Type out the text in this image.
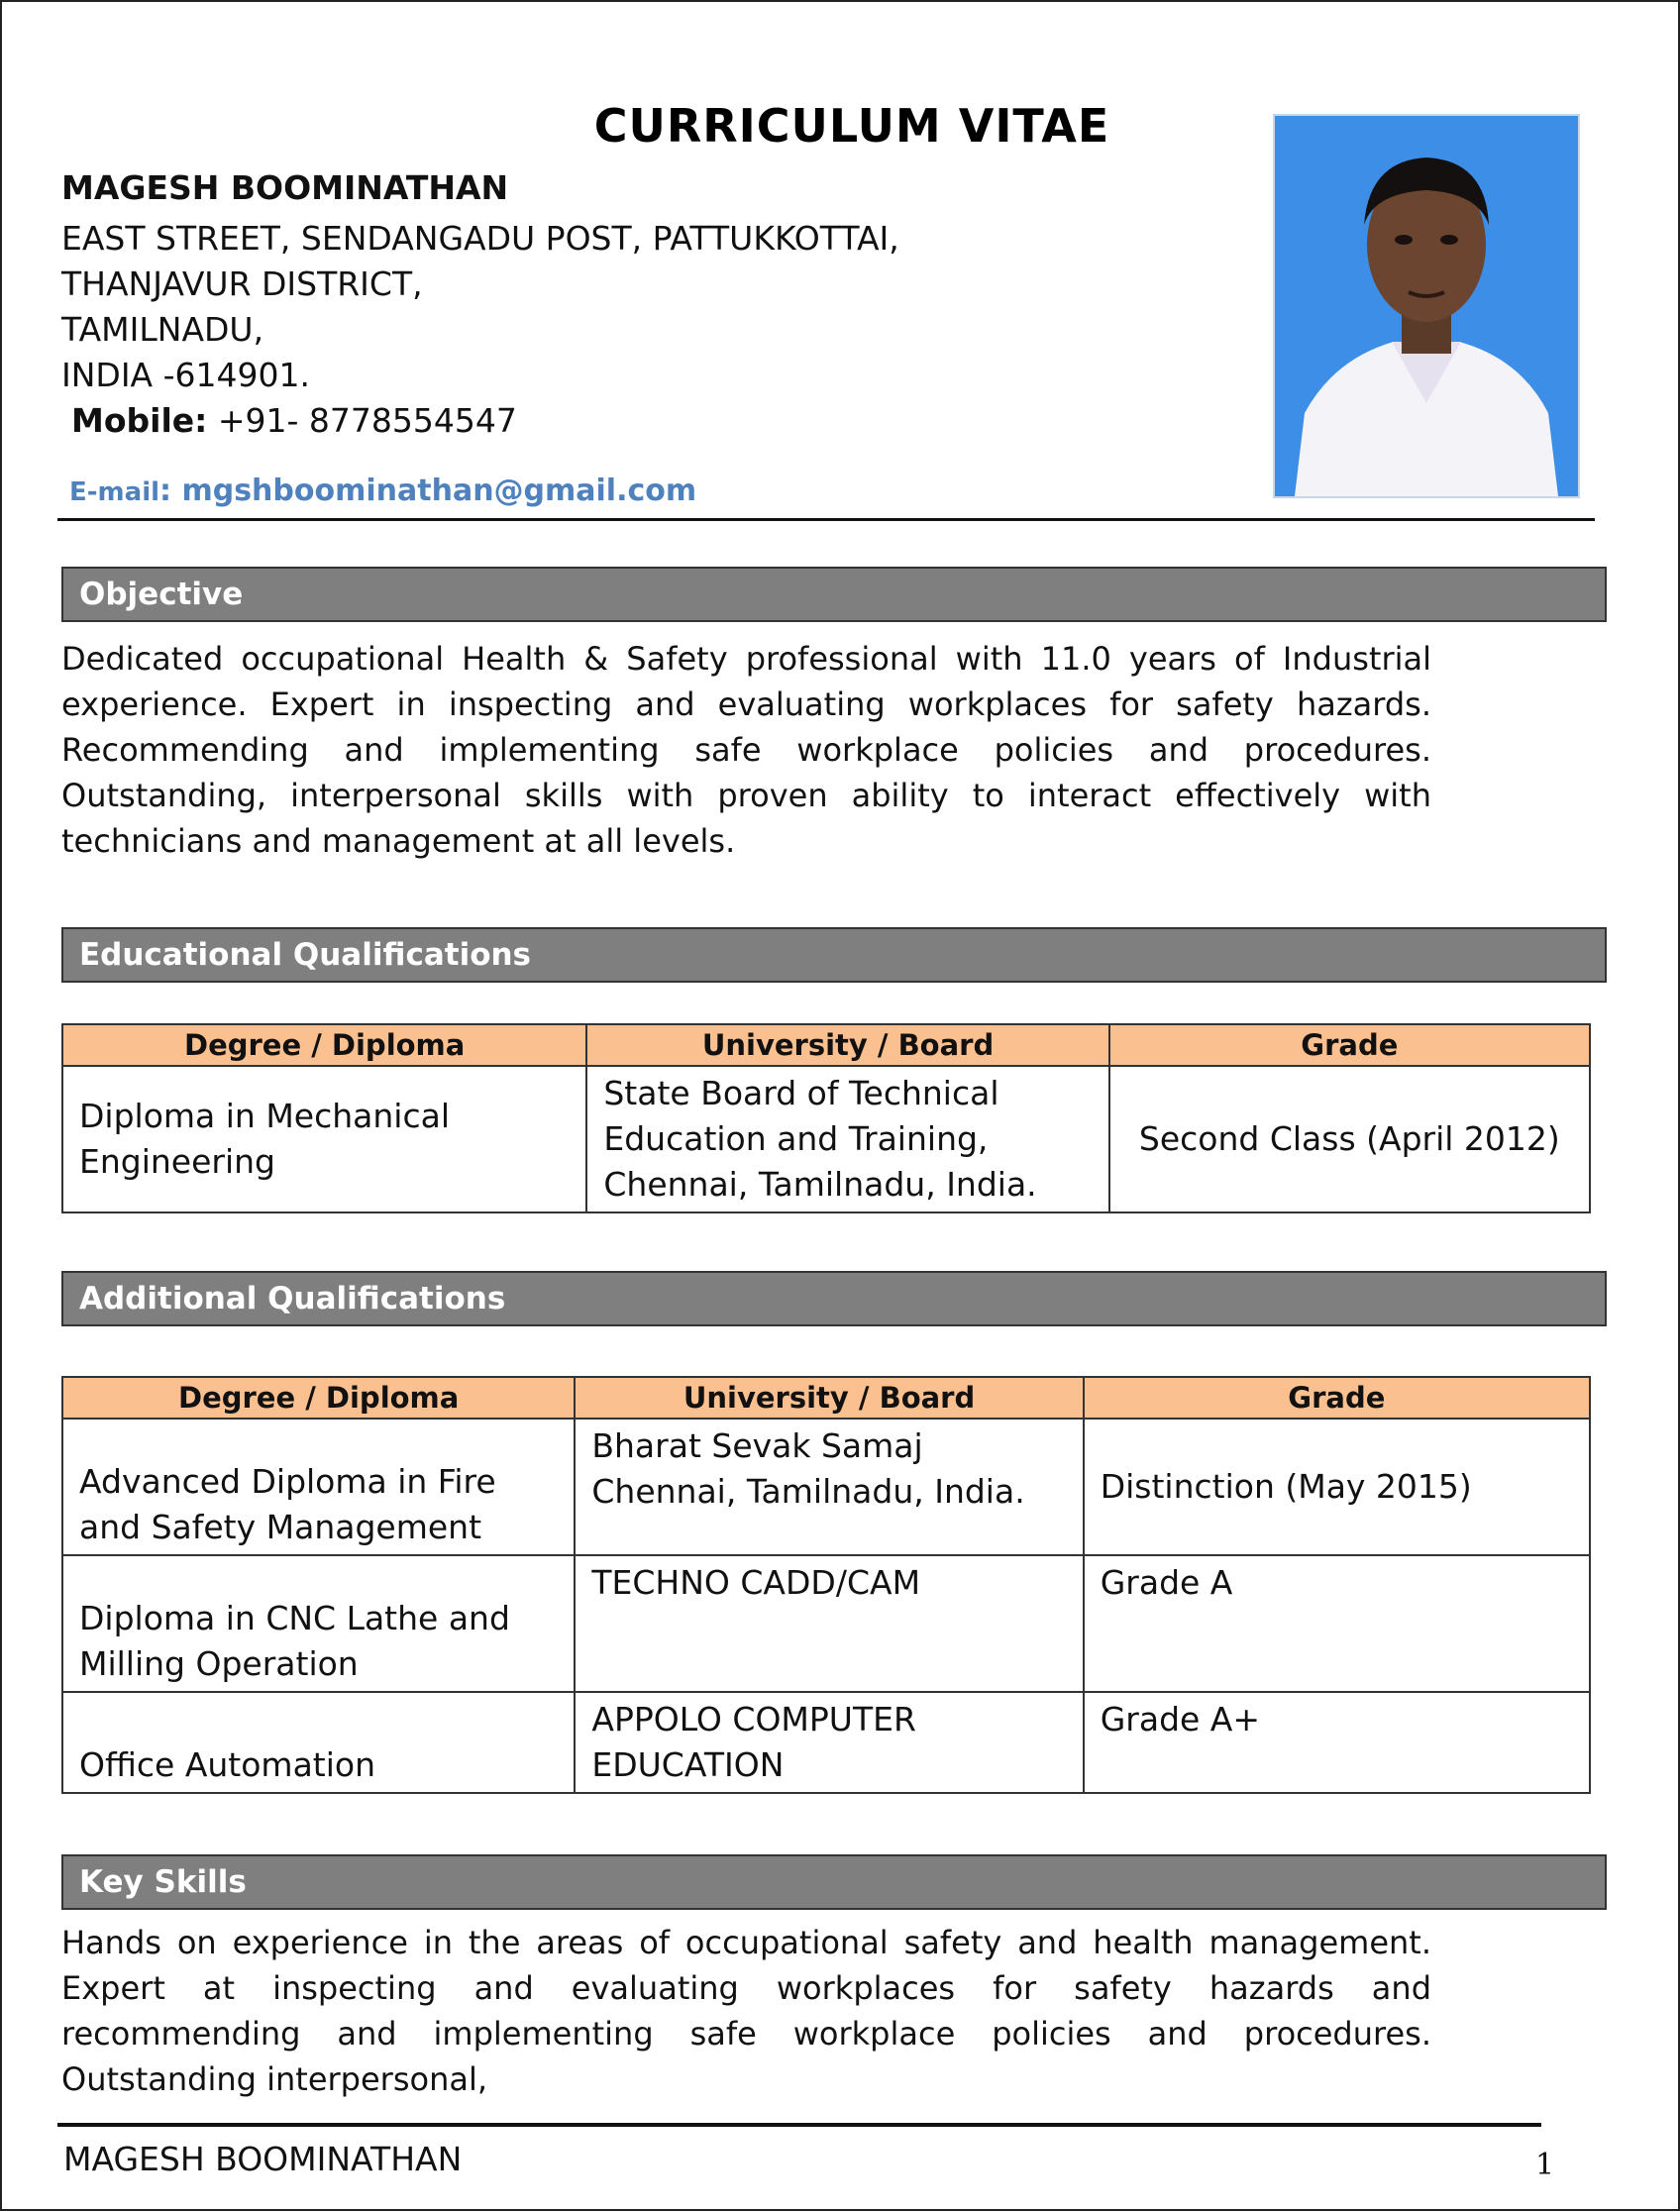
CURRICULUM VITAE
MAGESH BOOMINATHAN
EAST STREET, SENDANGADU POST, PATTUKKOTTAI,
THANJAVUR DISTRICT,
TAMILNADU,
INDIA -614901.
Mobile: +91- 8778554547
E-mail: mgshboominathan@gmail.com
Objective
Dedicated occupational Health & Safety professional with 11.0 years of Industrial experience. Expert in inspecting and evaluating workplaces for safety hazards. Recommending and implementing safe workplace policies and procedures. Outstanding, interpersonal skills with proven ability to interact effectively with technicians and management at all levels.
Educational Qualifications
Degree / Diploma	University / Board	Grade
Diploma in Mechanical Engineering	State Board of Technical Education and Training, Chennai, Tamilnadu, India.	Second Class (April 2012)
Additional Qualifications
Degree / Diploma	University / Board	Grade
Advanced Diploma in Fire and Safety Management	Bharat Sevak Samaj Chennai, Tamilnadu, India.	Distinction (May 2015)
Diploma in CNC Lathe and Milling Operation	TECHNO CADD/CAM	Grade A
Office Automation	APPOLO COMPUTER EDUCATION	Grade A+
Key Skills
Hands on experience in the areas of occupational safety and health management. Expert at inspecting and evaluating workplaces for safety hazards and recommending and implementing safe workplace policies and procedures. Outstanding interpersonal,
MAGESH BOOMINATHAN	1
